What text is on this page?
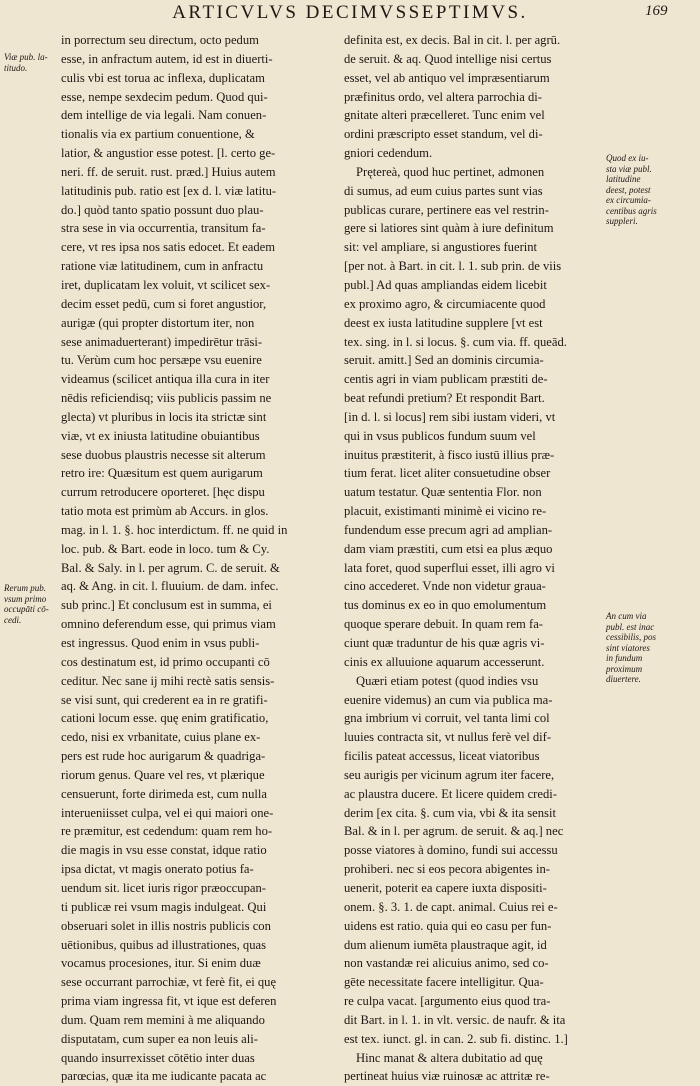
ARTICVLVS DECIMVSSEPTIMVS.	169
Viæ pub. la-
titudo.
Rerum pub.
vsum primo
occupāti cō-
cedi.
Quod ex iu-
sta viæ publ.
latitudine
deest, potest
ex circumia-
centibus agris
suppleri.
An cum via
publ. est inac
cessibilis, pos
sint viatores
in fundum
proximum
diuertere.
in porrectum seu directum, octo pedum
esse, in anfractum autem, id est in diuerti-
culis vbi est torua ac inflexa, duplicatam
esse, nempe sexdecim pedum. Quod qui-
dem intellige de via legali. Nam conuen-
tionalis via ex partium conuentione, &
latior, & angustior esse potest. [l. certo ge-
neri. ff. de seruit. rust. præd.] Huius autem
latitudinis pub. ratio est [ex d. l. viæ latitu-
do.] quòd tanto spatio possunt duo plau-
stra sese in via occurrentia, transitum fa-
cere, vt res ipsa nos satis edocet. Et eadem
ratione viæ latitudinem, cum in anfractu
iret, duplicatam lex voluit, vt scilicet sex-
decim esset pedū, cum si foret angustior,
aurigæ (qui propter distortum iter, non
sese animaduerterant) impedirētur trāsi-
tu. Verùm cum hoc persæpe vsu euenire
videamus (scilicet antiqua illa cura in iter
nēdis reficiendisq; viis publicis passim ne
glecta) vt pluribus in locis ita strictæ sint
viæ, vt ex iniusta latitudine obuiantibus
sese duobus plaustris necesse sit alterum
retro ire: Quæsitum est quem aurigarum
currum retroducere oporteret. [hęc dispu
tatio mota est primùm ab Accurs. in glos.
mag. in l. 1. §. hoc interdictum. ff. ne quid in
loc. pub. & Bart. eode in loco. tum & Cy.
Bal. & Saly. in l. per agrum. C. de seruit. &
aq. & Ang. in cit. l. fluuium. de dam. infec.
sub princ.] Et conclusum est in summa, ei
omnino deferendum esse, qui primus viam
est ingressus. Quod enim in vsus publi-
cos destinatum est, id primo occupanti cō
ceditur. Nec sane ij mihi rectè satis sensis-
se visi sunt, qui crederent ea in re gratifi-
cationi locum esse. quę enim gratificatio,
cedo, nisi ex vrbanitate, cuius plane ex-
pers est rude hoc aurigarum & quadriga-
riorum genus. Quare vel res, vt plærique
censuerunt, forte dirimeda est, cum nulla
interueniisset culpa, vel ei qui maiori one-
re præmitur, est cedendum: quam rem ho-
die magis in vsu esse constat, idque ratio
ipsa dictat, vt magis onerato potius fa-
uendum sit. licet iuris rigor præoccupan-
ti publicæ rei vsum magis indulgeat. Qui
obseruari solet in illis nostris publicis con
uētionibus, quibus ad illustrationes, quas
vocamus procesiones, itur. Si enim duæ
sese occurrant parrochiæ, vt ferè fit, ei quę
prima viam ingressa fit, vt ique est deferen
dum. Quam rem memini à me aliquando
disputatam, cum super ea non leuis ali-
quando insurrexisset cōtētio inter duas
parœcias, quæ ita me iudicante pacata ac
definita est, ex decis. Bal in cit. l. per agrū.
de seruit. & aq. Quod intellige nisi certus
esset, vel ab antiquo vel impræsentiarum
præfinitus ordo, vel altera parrochia di-
gnitate alteri præcelleret. Tunc enim vel
ordini præscripto esset standum, vel di-
gniori cedendum.
Prętereà, quod huc pertinet, admonen
di sumus, ad eum cuius partes sunt vias
publicas curare, pertinere eas vel restrin-
gere si latiores sint quàm à iure definitum
sit: vel ampliare, si angustiores fuerint
[per not. à Bart. in cit. l. 1. sub prin. de viis
publ.] Ad quas ampliandas eidem licebit
ex proximo agro, & circumiacente quod
deest ex iusta latitudine supplere [vt est
tex. sing. in l. si locus. §. cum via. ff. queād.
seruit. amitt.] Sed an dominis circumia-
centis agri in viam publicam præstiti de-
beat refundi pretium? Et respondit Bart.
[in d. l. si locus] rem sibi iustam videri, vt
qui in vsus publicos fundum suum vel
inuitus præstiterit, à fisco iustū illius præ-
tium ferat. licet aliter consuetudine obser
uatum testatur. Quæ sententia Flor. non
placuit, existimanti minimè ei vicino re-
fundendum esse precum agri ad amplian-
dam viam præstiti, cum etsi ea plus æquo
lata foret, quod superflui esset, illi agro vi
cino accederet. Vnde non videtur graua-
tus dominus ex eo in quo emolumentum
quoque sperare debuit. In quam rem fa-
ciunt quæ traduntur de his quæ agris vi-
cinis ex alluuione aquarum accesserunt.
Quæri etiam potest (quod indies vsu
euenire videmus) an cum via publica ma-
gna imbrium vi corruit, vel tanta limi col
luuies contracta sit, vt nullus ferè vel dif-
ficilis pateat accessus, liceat viatoribus
seu aurigis per vicinum agrum iter facere,
ac plaustra ducere. Et licere quidem credi-
derim [ex cita. §. cum via, vbi & ita sensit
Bal. & in l. per agrum. de seruit. & aq.] nec
posse viatores à domino, fundi sui accessu
prohiberi. nec si eos pecora abigentes in-
uenerit, poterit ea capere iuxta dispositi-
onem. §. 3. 1. de capt. animal. Cuius rei e-
uidens est ratio. quia qui eo casu per fun-
dum alienum iumēta plaustraque agit, id
non vastandæ rei alicuius animo, sed co-
gēte necessitate facere intelligitur. Qua-
re culpa vacat. [argumento eius quod tra-
dit Bart. in l. 1. in vlt. versic. de naufr. & ita
est tex. iunct. gl. in can. 2. sub fi. distinc. 1.]
Hinc manat & altera dubitatio ad quę
pertineat huius viæ ruinosæ ac attritæ re-
